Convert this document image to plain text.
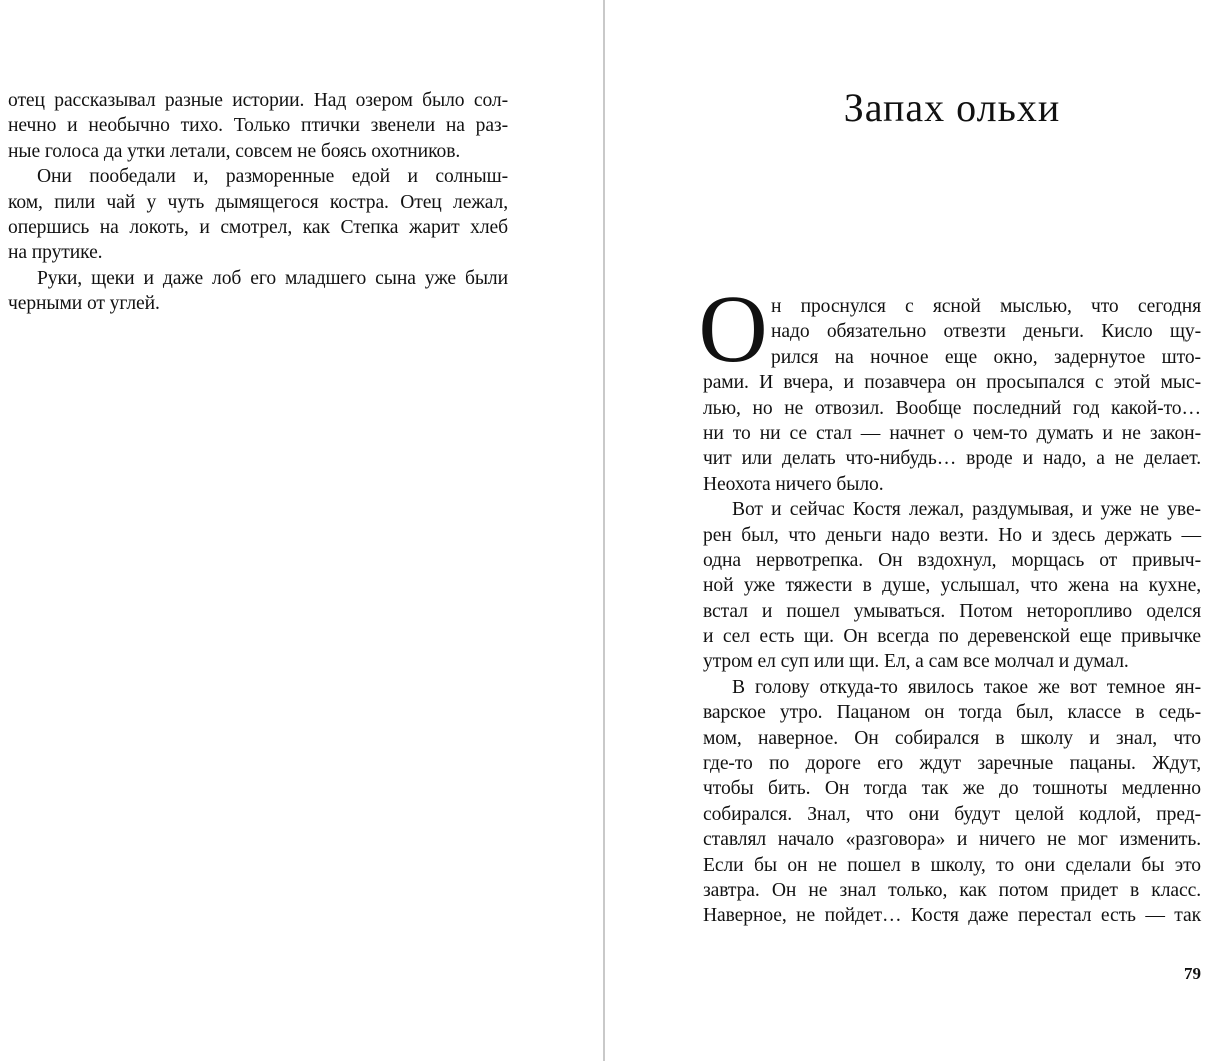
отец рассказывал разные истории. Над озером было сол-
нечно и необычно тихо. Только птички звенели на раз-
ные голоса да утки летали, совсем не боясь охотников.
Они пообедали и, разморенные едой и солныш-
ком, пили чай у чуть дымящегося костра. Отец лежал,
опершись на локоть, и смотрел, как Степка жарит хлеб
на прутике.
Руки, щеки и даже лоб его младшего сына уже были
черными от углей.
Запах ольхи
О н проснулся с ясной мыслью, что сегодня
надо обязательно отвезти деньги. Кисло щу-
рился на ночное еще окно, задернутое што-
рами. И вчера, и позавчера он просыпался с этой мыс-
лью, но не отвозил. Вообще последний год какой-то…
ни то ни се стал — начнет о чем-то думать и не закон-
чит или делать что-нибудь… вроде и надо, а не делает.
Неохота ничего было.
Вот и сейчас Костя лежал, раздумывая, и уже не уве-
рен был, что деньги надо везти. Но и здесь держать —
одна нервотрепка. Он вздохнул, морщась от привыч-
ной уже тяжести в душе, услышал, что жена на кухне,
встал и пошел умываться. Потом неторопливо оделся
и сел есть щи. Он всегда по деревенской еще привычке
утром ел суп или щи. Ел, а сам все молчал и думал.
В голову откуда-то явилось такое же вот темное ян-
варское утро. Пацаном он тогда был, классе в седь-
мом, наверное. Он собирался в школу и знал, что
где-то по дороге его ждут заречные пацаны. Ждут,
чтобы бить. Он тогда так же до тошноты медленно
собирался. Знал, что они будут целой кодлой, пред-
ставлял начало «разговора» и ничего не мог изменить.
Если бы он не пошел в школу, то они сделали бы это
завтра. Он не знал только, как потом придет в класс.
Наверное, не пойдет… Костя даже перестал есть — так
79
